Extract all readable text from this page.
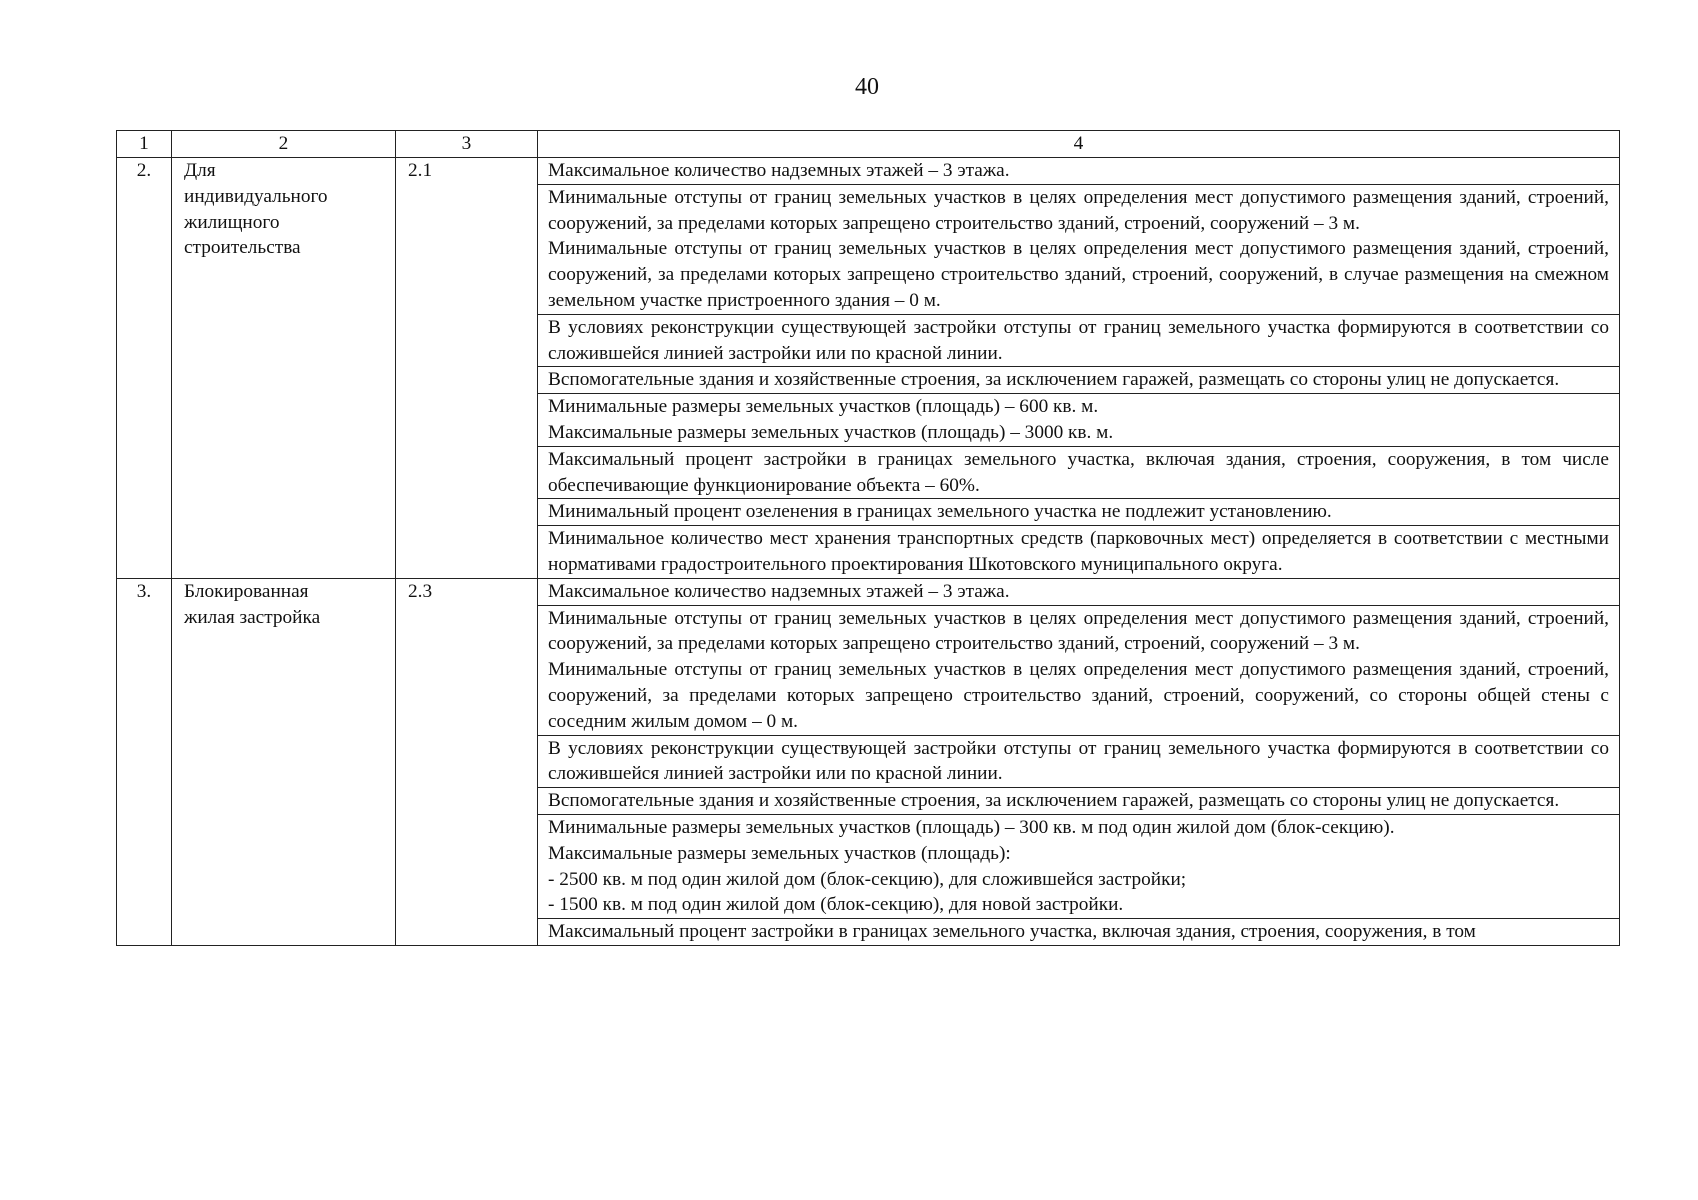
40
1	2	3	4
2.	Для
индивидуального
жилищного
строительства	2.1	Максимальное количество надземных этажей – 3 этажа.

			Минимальные отступы от границ земельных участков в целях определения мест допустимого размещения зданий, строений, сооружений, за пределами которых запрещено строительство зданий, строений, сооружений – 3 м.
Минимальные отступы от границ земельных участков в целях определения мест допустимого размещения зданий, строений, сооружений, за пределами которых запрещено строительство зданий, строений, сооружений, в случае размещения на смежном земельном участке пристроенного здания – 0 м.

			В условиях реконструкции существующей застройки отступы от границ земельного участка формируются в соответствии со сложившейся линией застройки или по красной линии.

			Вспомогательные здания и хозяйственные строения, за исключением гаражей, размещать со стороны улиц не допускается.

			Минимальные размеры земельных участков (площадь) – 600 кв. м.
Максимальные размеры земельных участков (площадь) – 3000 кв. м.

			Максимальный процент застройки в границах земельного участка, включая здания, строения, сооружения, в том числе обеспечивающие функционирование объекта – 60%.

			Минимальный процент озеленения в границах земельного участка не подлежит установлению.

			Минимальное количество мест хранения транспортных средств (парковочных мест) определяется в соответствии с местными нормативами градостроительного проектирования Шкотовского муниципального округа.

3.	Блокированная
жилая застройка	2.3	Максимальное количество надземных этажей – 3 этажа.

			Минимальные отступы от границ земельных участков в целях определения мест допустимого размещения зданий, строений, сооружений, за пределами которых запрещено строительство зданий, строений, сооружений – 3 м.
Минимальные отступы от границ земельных участков в целях определения мест допустимого размещения зданий, строений, сооружений, за пределами которых запрещено строительство зданий, строений, сооружений, со стороны общей стены с соседним жилым домом – 0 м.

			В условиях реконструкции существующей застройки отступы от границ земельного участка формируются в соответствии со сложившейся линией застройки или по красной линии.

			Вспомогательные здания и хозяйственные строения, за исключением гаражей, размещать со стороны улиц не допускается.

			Минимальные размеры земельных участков (площадь) – 300 кв. м под один жилой дом (блок-секцию).
Максимальные размеры земельных участков (площадь):
- 2500 кв. м под один жилой дом (блок-секцию), для сложившейся застройки;
- 1500 кв. м под один жилой дом (блок-секцию), для новой застройки.

			Максимальный процент застройки в границах земельного участка, включая здания, строения, сооружения, в том
